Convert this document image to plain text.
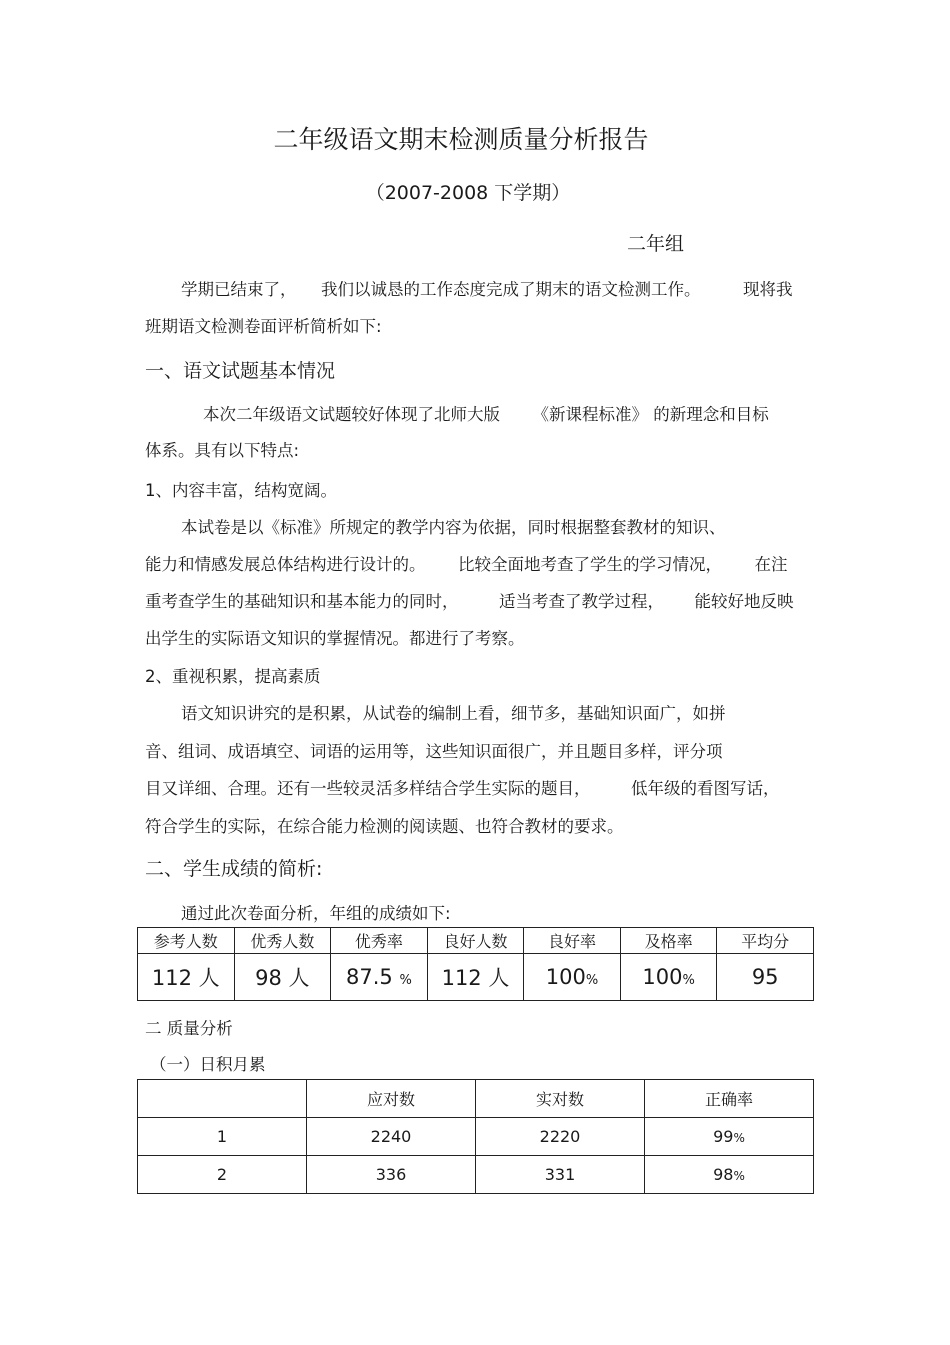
二年级语文期末检测质量分析报告
（2007-2008 下学期）
二年组
学期已结束了， 我们以诚恳的工作态度完成了期末的语文检测工作。	现将我
班期语文检测卷面评析简析如下:
一、语文试题基本情况
本次二年级语文试题较好体现了北师大版 《新课程标准》 的新理念和目标
体系。具有以下特点:
1、内容丰富，结构宽阔。
本试卷是以《标准》所规定的教学内容为依据，同时根据整套教材的知识、
能力和情感发展总体结构进行设计的。 比较全面地考查了学生的学习情况， 在注
重考查学生的基础知识和基本能力的同时， 适当考查了教学过程， 能较好地反映
出学生的实际语文知识的掌握情况。都进行了考察。
2、重视积累，提高素质
语文知识讲究的是积累，从试卷的编制上看，细节多，基础知识面广，如拼
音、组词、成语填空、词语的运用等，这些知识面很广，并且题目多样，评分项
目又详细、合理。还有一些较灵活多样结合学生实际的题目， 低年级的看图写话，
符合学生的实际，在综合能力检测的阅读题、也符合教材的要求。
二、学生成绩的简析:
通过此次卷面分析，年组的成绩如下:
参考人数	优秀人数	优秀率	良好人数	良好率	及格率	平均分
112 人	98 人	87.5 %	112 人	100%	100%	95
二 质量分析
（一）日积月累
	应对数	实对数	正确率
1	2240	2220	99%
2	336	331	98%
